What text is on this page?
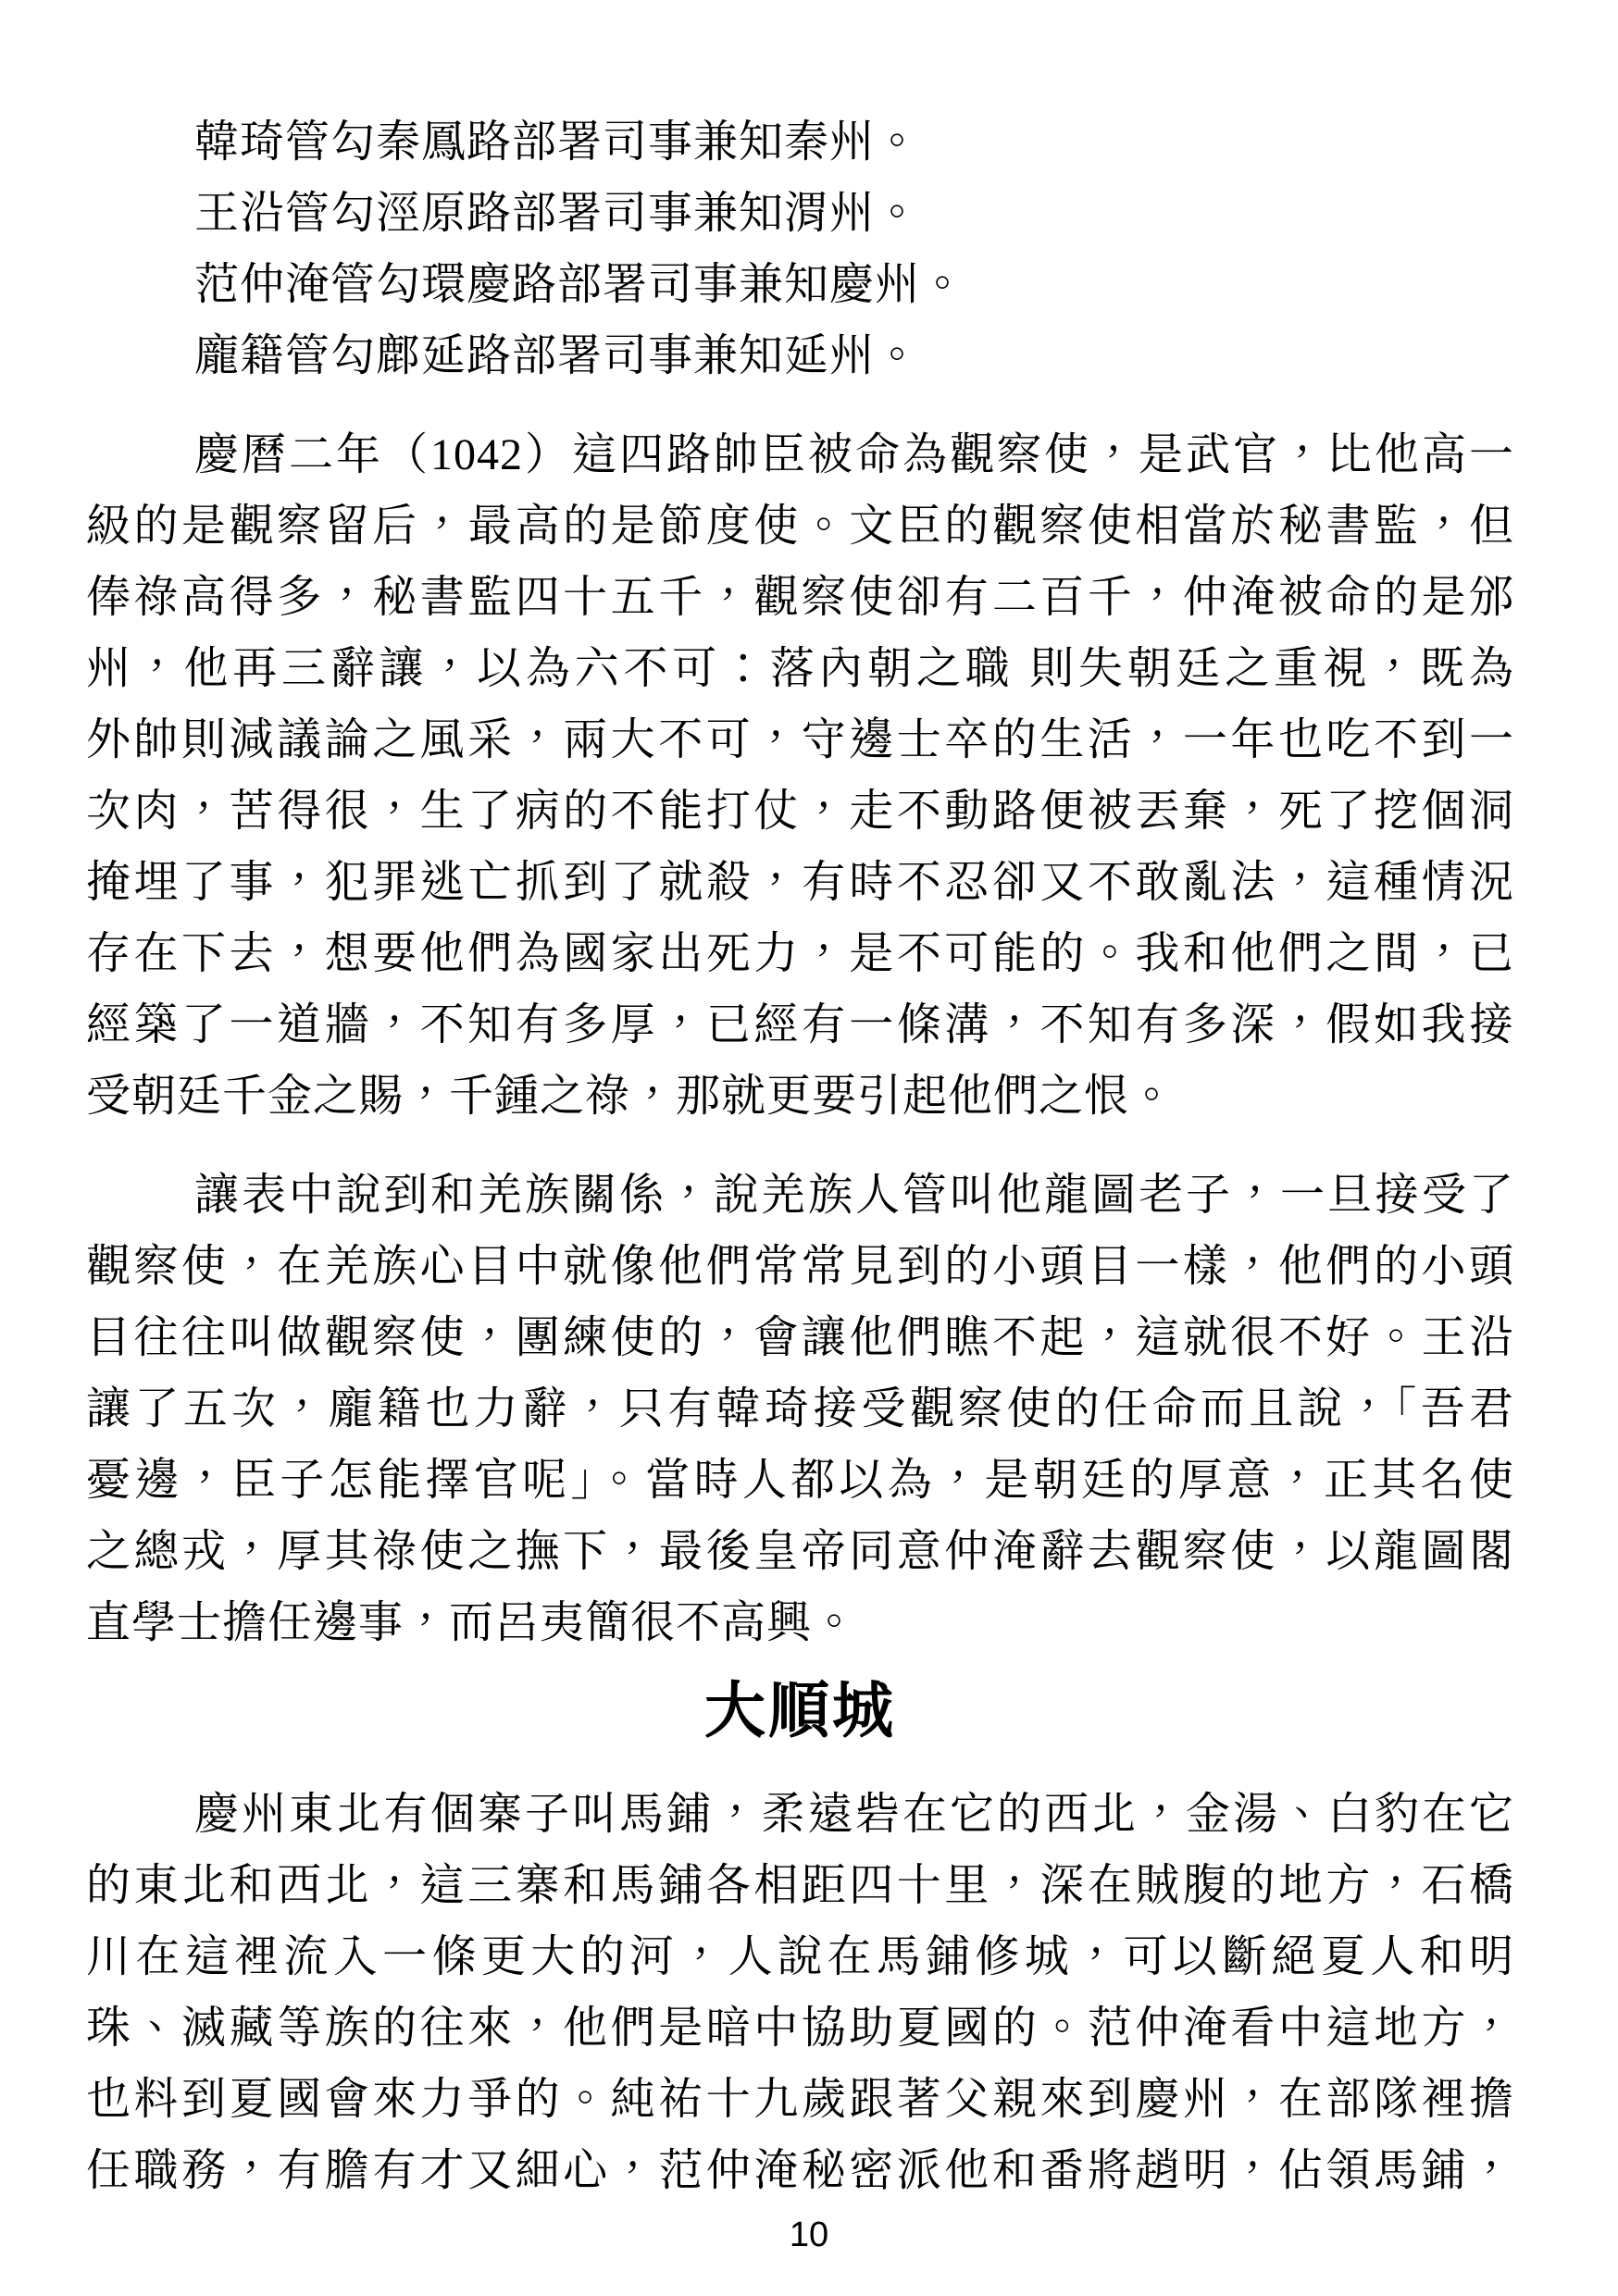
韓琦管勾秦鳳路部署司事兼知秦州。
王沿管勾涇原路部署司事兼知渭州。
范仲淹管勾環慶路部署司事兼知慶州。
龐籍管勾鄜延路部署司事兼知延州。
慶曆二年（1042）這四路帥臣被命為觀察使，是武官，比他高一
級的是觀察留后，最高的是節度使。文臣的觀察使相當於秘書監，但
俸祿高得多，秘書監四十五千，觀察使卻有二百千，仲淹被命的是邠
州，他再三辭讓，以為六不可：落內朝之職 則失朝廷之重視，既為
外帥則減議論之風采，兩大不可，守邊士卒的生活，一年也吃不到一
次肉，苦得很，生了病的不能打仗，走不動路便被丟棄，死了挖個洞
掩埋了事，犯罪逃亡抓到了就殺，有時不忍卻又不敢亂法，這種情況
存在下去，想要他們為國家出死力，是不可能的。我和他們之間，已
經築了一道牆，不知有多厚，已經有一條溝，不知有多深，假如我接
受朝廷千金之賜，千鍾之祿，那就更要引起他們之恨。
讓表中說到和羌族關係，說羌族人管叫他龍圖老子，一旦接受了
觀察使，在羌族心目中就像他們常常見到的小頭目一樣，他們的小頭
目往往叫做觀察使，團練使的，會讓他們瞧不起，這就很不好。王沿
讓了五次，龐籍也力辭，只有韓琦接受觀察使的任命而且說，「吾君
憂邊，臣子怎能擇官呢」。當時人都以為，是朝廷的厚意，正其名使
之總戎，厚其祿使之撫下，最後皇帝同意仲淹辭去觀察使，以龍圖閣
直學士擔任邊事，而呂夷簡很不高興。
大順城
慶州東北有個寨子叫馬鋪，柔遠砦在它的西北，金湯、白豹在它
的東北和西北，這三寨和馬鋪各相距四十里，深在賊腹的地方，石橋
川在這裡流入一條更大的河，人說在馬鋪修城，可以斷絕夏人和明
珠、滅藏等族的往來，他們是暗中協助夏國的。范仲淹看中這地方，
也料到夏國會來力爭的。純祐十九歲跟著父親來到慶州，在部隊裡擔
任職務，有膽有才又細心，范仲淹秘密派他和番將趙明，佔領馬鋪，
10
